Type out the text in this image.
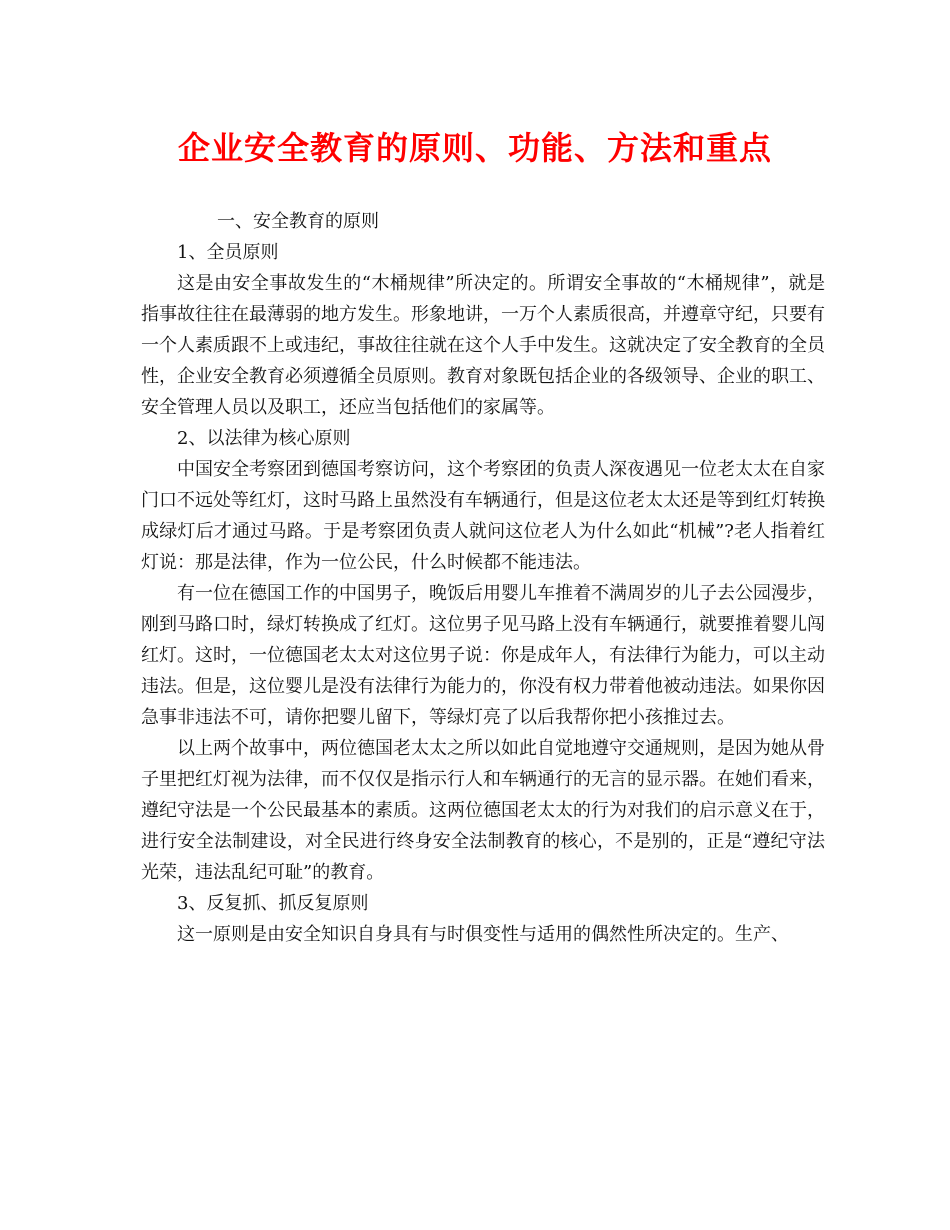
企业安全教育的原则、功能、方法和重点

一、安全教育的原则

1、全员原则

这是由安全事故发生的“木桶规律”所决定的。所谓安全事故的“木桶规律”，就是指事故往往在最薄弱的地方发生。形象地讲，一万个人素质很高，并遵章守纪，只要有一个人素质跟不上或违纪，事故往往就在这个人手中发生。这就决定了安全教育的全员性，企业安全教育必须遵循全员原则。教育对象既包括企业的各级领导、企业的职工、安全管理人员以及职工，还应当包括他们的家属等。

2、以法律为核心原则

中国安全考察团到德国考察访问，这个考察团的负责人深夜遇见一位老太太在自家门口不远处等红灯，这时马路上虽然没有车辆通行，但是这位老太太还是等到红灯转换成绿灯后才通过马路。于是考察团负责人就问这位老人为什么如此“机械”?老人指着红灯说：那是法律，作为一位公民，什么时候都不能违法。

有一位在德国工作的中国男子，晚饭后用婴儿车推着不满周岁的儿子去公园漫步，刚到马路口时，绿灯转换成了红灯。这位男子见马路上没有车辆通行，就要推着婴儿闯红灯。这时，一位德国老太太对这位男子说：你是成年人，有法律行为能力，可以主动违法。但是，这位婴儿是没有法律行为能力的，你没有权力带着他被动违法。如果你因急事非违法不可，请你把婴儿留下，等绿灯亮了以后我帮你把小孩推过去。

以上两个故事中，两位德国老太太之所以如此自觉地遵守交通规则，是因为她从骨子里把红灯视为法律，而不仅仅是指示行人和车辆通行的无言的显示器。在她们看来，遵纪守法是一个公民最基本的素质。这两位德国老太太的行为对我们的启示意义在于，进行安全法制建设，对全民进行终身安全法制教育的核心，不是别的，正是“遵纪守法光荣，违法乱纪可耻”的教育。

3、反复抓、抓反复原则

这一原则是由安全知识自身具有与时俱变性与适用的偶然性所决定的。生产、
